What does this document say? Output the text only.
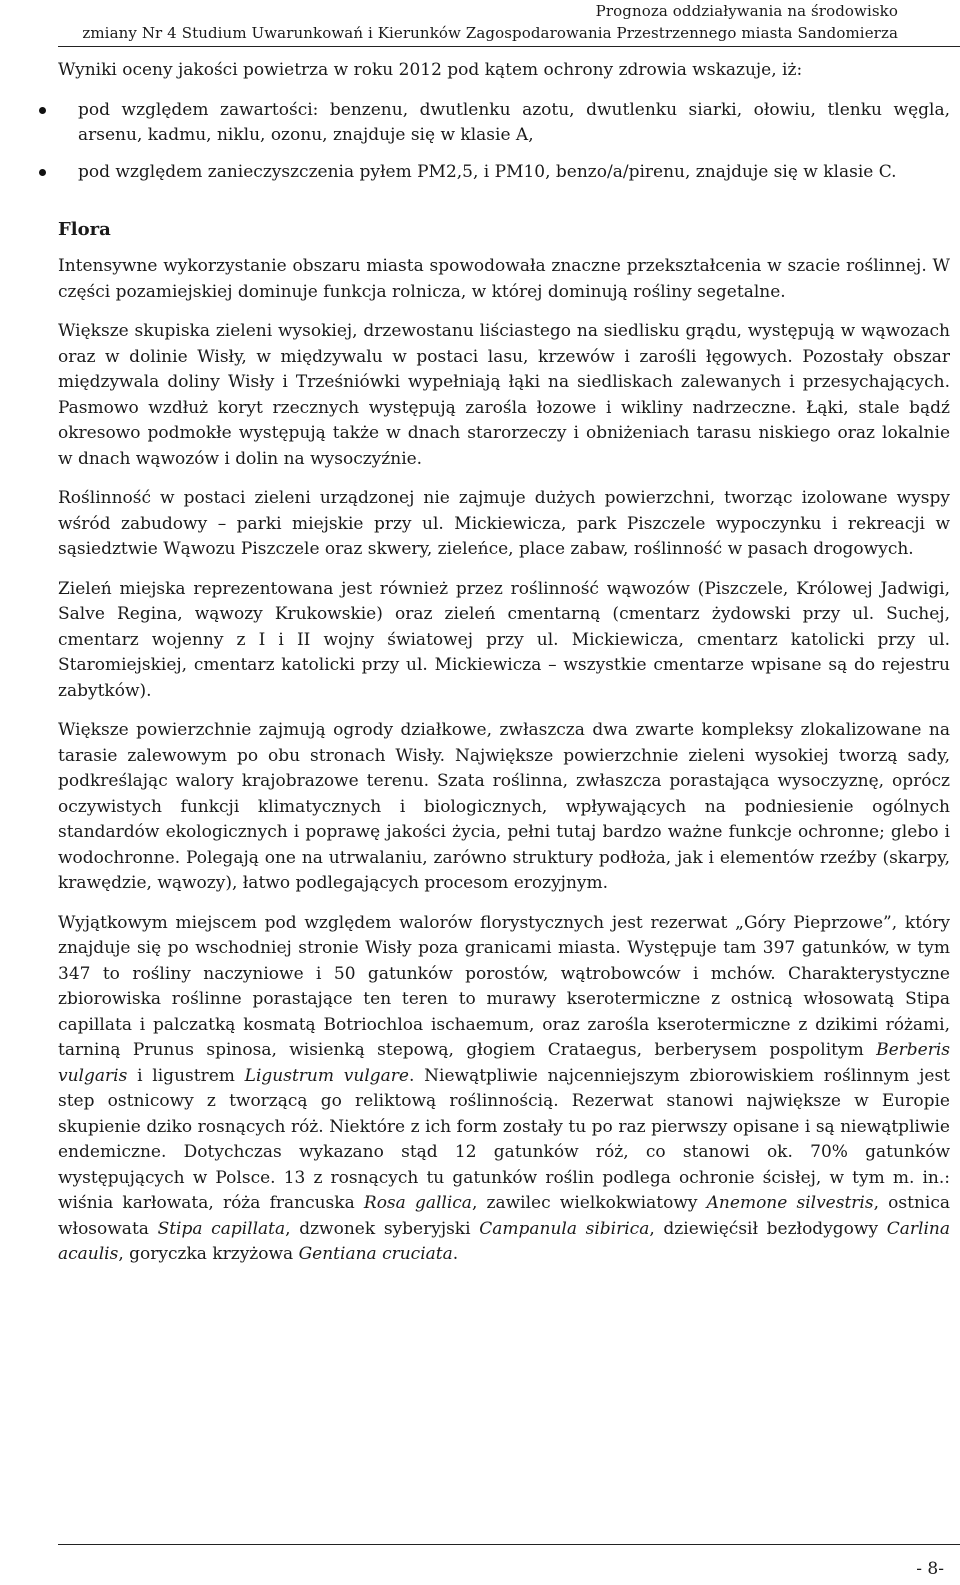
Prognoza oddziaływania na środowisko
zmiany Nr 4 Studium Uwarunkowań i Kierunków Zagospodarowania Przestrzennego miasta Sandomierza

Wyniki oceny jakości powietrza w roku 2012 pod kątem ochrony zdrowia wskazuje, iż:

pod względem zawartości: benzenu, dwutlenku azotu, dwutlenku siarki, ołowiu, tlenku węgla, arsenu, kadmu, niklu, ozonu, znajduje się w klasie A,
pod względem zanieczyszczenia pyłem PM2,5, i PM10, benzo/a/pirenu, znajduje się w klasie C.
Flora

Intensywne wykorzystanie obszaru miasta spowodowała znaczne przekształcenia w szacie roślinnej. W części pozamiejskiej dominuje funkcja rolnicza, w której dominują rośliny segetalne.

Większe skupiska zieleni wysokiej, drzewostanu liściastego na siedlisku grądu, występują w wąwozach oraz w dolinie Wisły, w międzywalu w postaci lasu, krzewów i zarośli łęgowych. Pozostały obszar międzywala doliny Wisły i Trześniówki wypełniają łąki na siedliskach zalewanych i przesychających. Pasmowo wzdłuż koryt rzecznych występują zarośla łozowe i wikliny nadrzeczne. Łąki, stale bądź okresowo podmokłe występują także w dnach starorzeczy i obniżeniach tarasu niskiego oraz lokalnie w dnach wąwozów i dolin na wysoczyźnie.

Roślinność w postaci zieleni urządzonej nie zajmuje dużych powierzchni, tworząc izolowane wyspy wśród zabudowy – parki miejskie przy ul. Mickiewicza, park Piszczele wypoczynku i rekreacji w sąsiedztwie Wąwozu Piszczele oraz skwery, zieleńce, place zabaw, roślinność w pasach drogowych.

Zieleń miejska reprezentowana jest również przez roślinność wąwozów (Piszczele, Królowej Jadwigi, Salve Regina, wąwozy Krukowskie) oraz zieleń cmentarną (cmentarz żydowski przy ul. Suchej, cmentarz wojenny z I i II wojny światowej przy ul. Mickiewicza, cmentarz katolicki przy ul. Staromiejskiej, cmentarz katolicki przy ul. Mickiewicza – wszystkie cmentarze wpisane są do rejestru zabytków).

Większe powierzchnie zajmują ogrody działkowe, zwłaszcza dwa zwarte kompleksy zlokalizowane na tarasie zalewowym po obu stronach Wisły. Największe powierzchnie zieleni wysokiej tworzą sady, podkreślając walory krajobrazowe terenu. Szata roślinna, zwłaszcza porastająca wysoczyznę, oprócz oczywistych funkcji klimatycznych i biologicznych, wpływających na podniesienie ogólnych standardów ekologicznych i poprawę jakości życia, pełni tutaj bardzo ważne funkcje ochronne; glebo i wodochronne. Polegają one na utrwalaniu, zarówno struktury podłoża, jak i elementów rzeźby (skarpy, krawędzie, wąwozy), łatwo podlegających procesom erozyjnym.

Wyjątkowym miejscem pod względem walorów florystycznych jest rezerwat „Góry Pieprzowe”, który znajduje się po wschodniej stronie Wisły poza granicami miasta. Występuje tam 397 gatunków, w tym 347 to rośliny naczyniowe i 50 gatunków porostów, wątrobowców i mchów. Charakterystyczne zbiorowiska roślinne porastające ten teren to murawy kserotermiczne z ostnicą włosowatą Stipa capillata i palczatką kosmatą Botriochloa ischaemum, oraz zarośla kserotermiczne z dzikimi różami, tarniną Prunus spinosa, wisienką stepową, głogiem Crataegus, berberysem pospolitym Berberis vulgaris i ligustrem Ligustrum vulgare. Niewątpliwie najcenniejszym zbiorowiskiem roślinnym jest step ostnicowy z tworzącą go reliktową roślinnością. Rezerwat stanowi największe w Europie skupienie dziko rosnących róż. Niektóre z ich form zostały tu po raz pierwszy opisane i są niewątpliwie endemiczne. Dotychczas wykazano stąd 12 gatunków róż, co stanowi ok. 70% gatunków występujących w Polsce. 13 z rosnących tu gatunków roślin podlega ochronie ścisłej, w tym m. in.: wiśnia karłowata, róża francuska Rosa gallica, zawilec wielkokwiatowy Anemone silvestris, ostnica włosowata Stipa capillata, dzwonek syberyjski Campanula sibirica, dziewięćsił bezłodygowy Carlina acaulis, goryczka krzyżowa Gentiana cruciata.

- 8-
